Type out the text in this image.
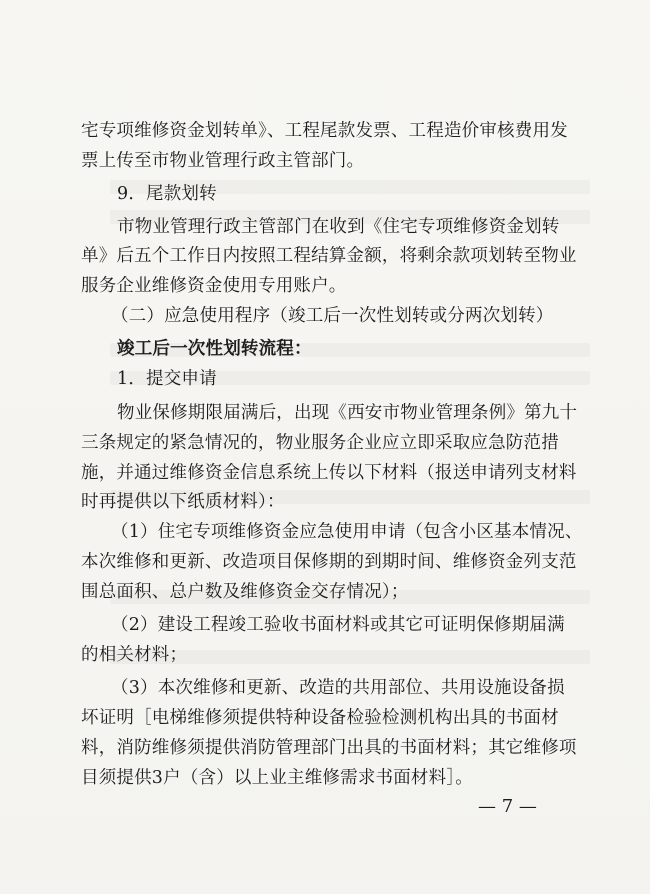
宅专项维修资金划转单》、工程尾款发票、工程造价审核费用发
票上传至市物业管理行政主管部门。
9．尾款划转
市物业管理行政主管部门在收到《住宅专项维修资金划转
单》后五个工作日内按照工程结算金额，将剩余款项划转至物业
服务企业维修资金使用专用账户。
（二）应急使用程序（竣工后一次性划转或分两次划转）
竣工后一次性划转流程：
1．提交申请
物业保修期限届满后，出现《西安市物业管理条例》第九十
三条规定的紧急情况的，物业服务企业应立即采取应急防范措
施，并通过维修资金信息系统上传以下材料（报送申请列支材料
时再提供以下纸质材料）：
（1）住宅专项维修资金应急使用申请（包含小区基本情况、
本次维修和更新、改造项目保修期的到期时间、维修资金列支范
围总面积、总户数及维修资金交存情况）；
（2）建设工程竣工验收书面材料或其它可证明保修期届满
的相关材料；
（3）本次维修和更新、改造的共用部位、共用设施设备损
坏证明［电梯维修须提供特种设备检验检测机构出具的书面材
料，消防维修须提供消防管理部门出具的书面材料；其它维修项
目须提供3户（含）以上业主维修需求书面材料］。
— 7 —
